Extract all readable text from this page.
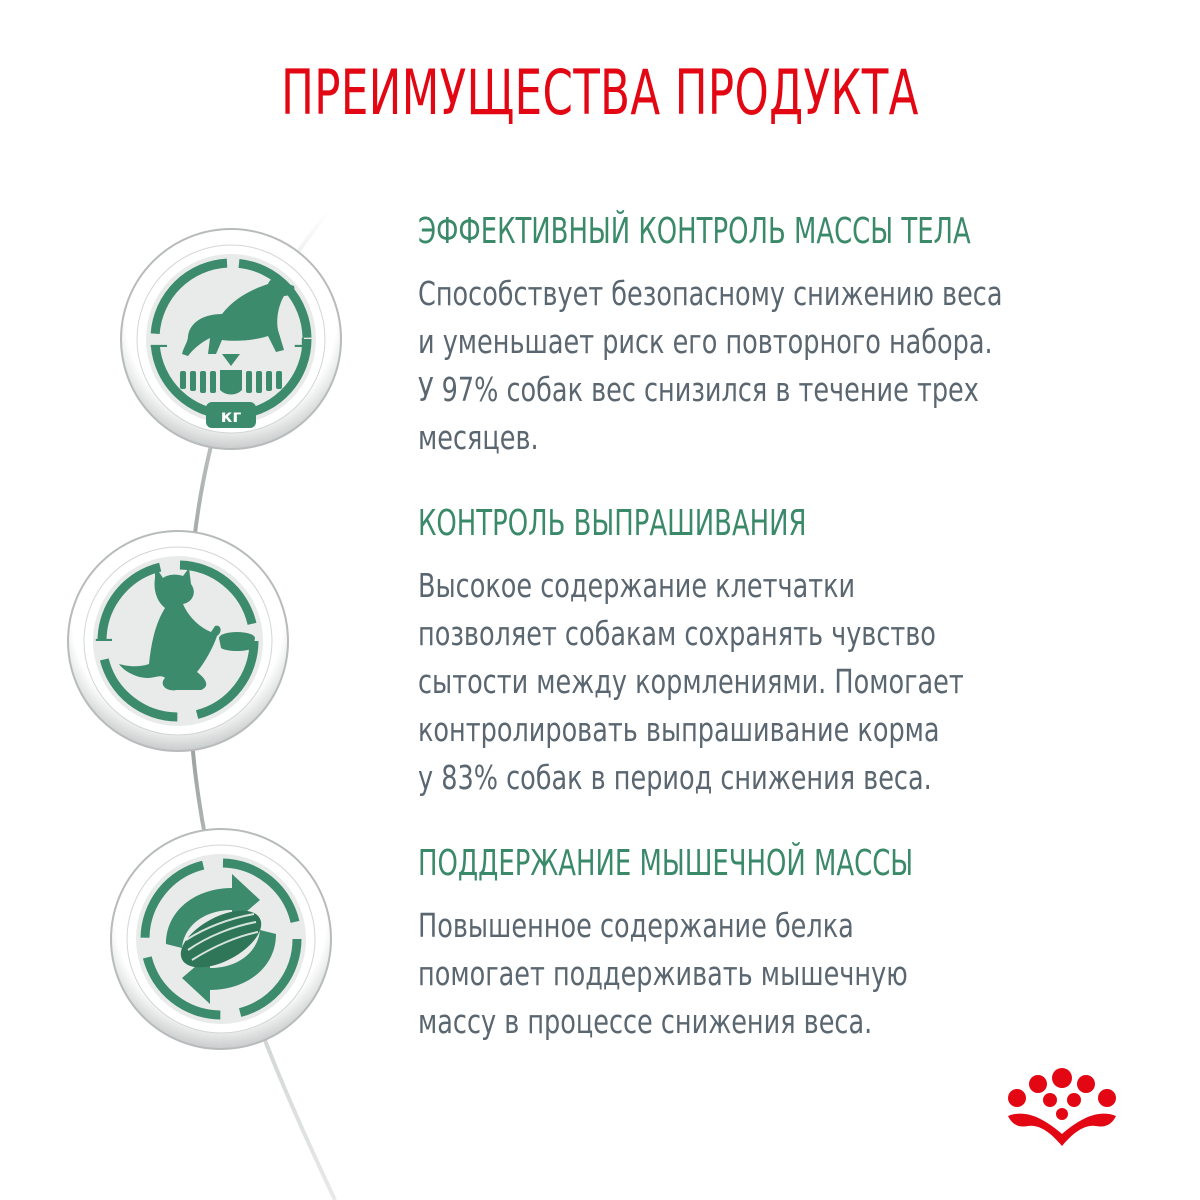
ПРЕИМУЩЕСТВА ПРОДУКТА
−	+
кг
−
ЭФФЕКТИВНЫЙ КОНТРОЛЬ МАССЫ ТЕЛА

Способствует безопасному снижению веса
и уменьшает риск его повторного набора.
У 97% собак вес снизился в течение трех
месяцев.

КОНТРОЛЬ ВЫПРАШИВАНИЯ

Высокое содержание клетчатки
позволяет собакам сохранять чувство
сытости между кормлениями. Помогает
контролировать выпрашивание корма
у 83% собак в период снижения веса.

ПОДДЕРЖАНИЕ МЫШЕЧНОЙ МАССЫ

Повышенное содержание белка
помогает поддерживать мышечную
массу в процессе снижения веса.
